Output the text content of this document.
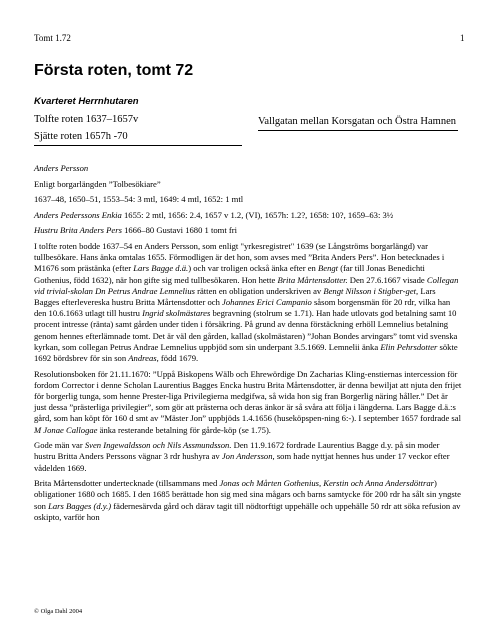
Tomt 1.72	1
Första roten, tomt 72
Kvarteret Herrnhutaren
Tolfte roten 1637–1657v
Sjätte roten 1657h -70
Vallgatan mellan Korsgatan och Östra Hamnen

Anders Persson

Enligt borgarlängden ”Tolbesökiare”

1637–48, 1650–51, 1553–54: 3 mtl, 1649: 4 mtl, 1652: 1 mtl

Anders Pederssons Enkia 1655: 2 mtl, 1656: 2.4, 1657 v 1.2, (VI), 1657h: 1.2?, 1658: 10?, 1659–63: 3½

Hustru Brita Anders Pers 1666–80 Gustavi 1680 1 tomt fri

I tolfte roten bodde 1637–54 en Anders Persson, som enligt "yrkesregistret" 1639 (se Långströms borgarlängd) var tullbesökare. Hans änka omtalas 1655. Förmodligen är det hon, som avses med ”Brita Anders Pers”. Hon betecknades i M1676 som prästänka (efter Lars Bagge d.ä.) och var troligen också änka efter en Bengt (far till Jonas Benedichti Gothenius, född 1632), när hon gifte sig med tullbesökaren. Hon hette Brita Mårtensdotter. Den 27.6.1667 visade Collegan vid trivial-skolan Dn Petrus Andrae Lemnelius rätten en obligation underskriven av Bengt Nilsson i Stigber-get, Lars Bagges efterlevereska hustru Britta Mårtensdotter och Johannes Erici Campanio såsom borgensmän för 20 rdr, vilka han den 10.6.1663 utlagt till hustru Ingrid skolmästares begravning (stolrum se 1.71). Han hade utlovats god betalning samt 10 procent intresse (ränta) samt gården under tiden i försäkring. På grund av denna förstäckning erhöll Lemnelius betalning genom hennes efterlämnade tomt. Det är väl den gården, kallad (skolmästaren) ”Johan Bondes arvingars” tomt vid svenska kyrkan, som collegan Petrus Andrae Lemnelius uppbjöd som sin underpant 3.5.1669. Lemnelii änka Elin Pehrsdotter sökte 1692 bördsbrev för sin son Andreas, född 1679.

Resolutionsboken för 21.11.1670: ”Uppå Biskopens Wälb och Ehrewördige Dn Zacharias Kling-enstiernas intercession för fordom Corrector i denne Scholan Laurentius Bagges Encka hustru Brita Mårtensdotter, är denna bewiljat att njuta den frijet för borgerlig tunga, som henne Prester-liga Privilegierna medgifwa, så wida hon sig fran Borgerlig näring håller.” Det är just dessa ”prästerliga privilegier”, som gör att prästerna och deras änkor är så svåra att följa i längderna. Lars Bagge d.ä.:s gård, som han köpt för 160 d smt av ”Mäster Jon” uppbjöds 1.4.1656 (huseköpspen-ning 6:-). I september 1657 fordrade sal M Jonae Callogae änka resterande betalning för gårde-köp (se 1.75).

Gode män var Sven Ingewaldsson och Nils Assmundsson. Den 11.9.1672 fordrade Laurentius Bagge d.y. på sin moder hustru Britta Anders Perssons vägnar 3 rdr hushyra av Jon Andersson, som hade nyttjat hennes hus under 17 veckor efter vådelden 1669.

Brita Mårtensdotter undertecknade (tillsammans med Jonas och Mårten Gothenius, Kerstin och Anna Andersdöttrar) obligationer 1680 och 1685. I den 1685 berättade hon sig med sina mågars och barns samtycke för 200 rdr ha sålt sin yngste son Lars Bagges (d.y.) fädernesärvda gård och därav tagit till nödtorftigt uppehälle och uppehälle 50 rdr att söka refusion av oskipto, varför hon

© Olga Dahl 2004
